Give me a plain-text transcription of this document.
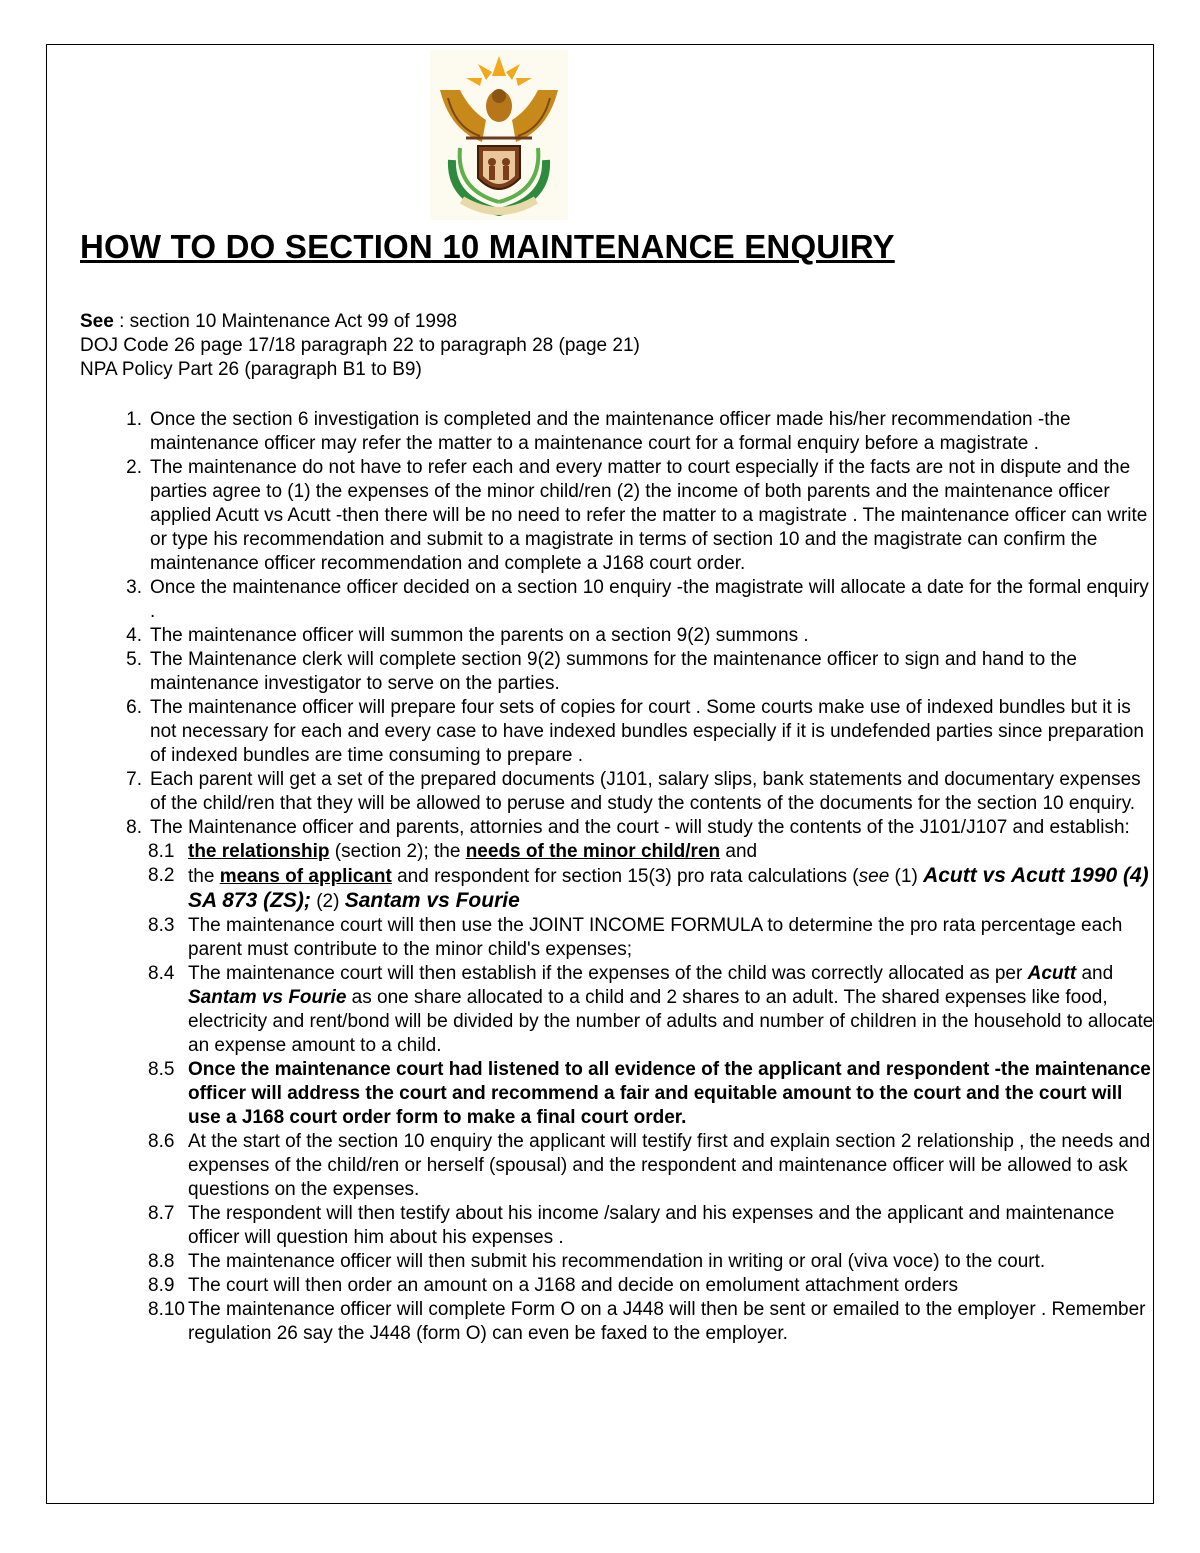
HOW TO DO SECTION 10 MAINTENANCE ENQUIRY
See : section 10 Maintenance Act 99 of 1998
DOJ Code 26 page 17/18 paragraph 22 to paragraph 28 (page 21)
NPA Policy Part 26 (paragraph B1 to B9)
1. Once the section 6 investigation is completed and the maintenance officer made his/her recommendation -the maintenance officer may refer the matter to a maintenance court for a formal enquiry before a magistrate .
2. The maintenance do not have to refer each and every matter to court especially if the facts are not in dispute and the parties agree to (1) the expenses of the minor child/ren (2) the income of both parents and the maintenance officer applied Acutt vs Acutt -then there will be no need to refer the matter to a magistrate . The maintenance officer can write or type his recommendation and submit to a magistrate in terms of section 10 and the magistrate can confirm the maintenance officer recommendation and complete a J168 court order.
3. Once the maintenance officer decided on a section 10 enquiry -the magistrate will allocate a date for the formal enquiry .
4. The maintenance officer will summon the parents on a section 9(2) summons .
5. The Maintenance clerk will complete section 9(2) summons for the maintenance officer to sign and hand to the maintenance investigator to serve on the parties.
6. The maintenance officer will prepare four sets of copies for court . Some courts make use of indexed bundles but it is not necessary for each and every case to have indexed bundles especially if it is undefended parties since preparation of indexed bundles are time consuming to prepare .
7. Each parent will get a set of the prepared documents (J101, salary slips, bank statements and documentary expenses of the child/ren that they will be allowed to peruse and study the contents of the documents for the section 10 enquiry.
8. The Maintenance officer and parents, attornies and the court - will study the contents of the J101/J107 and establish:
8.1 the relationship (section 2); the needs of the minor child/ren and
8.2 the means of applicant and respondent for section 15(3) pro rata calculations (see (1) Acutt vs Acutt 1990 (4) SA 873 (ZS); (2) Santam vs Fourie
8.3 The maintenance court will then use the JOINT INCOME FORMULA to determine the pro rata percentage each parent must contribute to the minor child's expenses;
8.4 The maintenance court will then establish if the expenses of the child was correctly allocated as per Acutt and Santam vs Fourie as one share allocated to a child and 2 shares to an adult. The shared expenses like food, electricity and rent/bond will be divided by the number of adults and number of children in the household to allocate an expense amount to a child.
8.5 Once the maintenance court had listened to all evidence of the applicant and respondent -the maintenance officer will address the court and recommend a fair and equitable amount to the court and the court will use a J168 court order form to make a final court order.
8.6 At the start of the section 10 enquiry the applicant will testify first and explain section 2 relationship , the needs and expenses of the child/ren or herself (spousal) and the respondent and maintenance officer will be allowed to ask questions on the expenses.
8.7 The respondent will then testify about his income /salary and his expenses and the applicant and maintenance officer will question him about his expenses .
8.8 The maintenance officer will then submit his recommendation in writing or oral (viva voce) to the court.
8.9 The court will then order an amount on a J168 and decide on emolument attachment orders
8.10 The maintenance officer will complete Form O on a J448 will then be sent or emailed to the employer . Remember regulation 26 say the J448 (form O) can even be faxed to the employer.
